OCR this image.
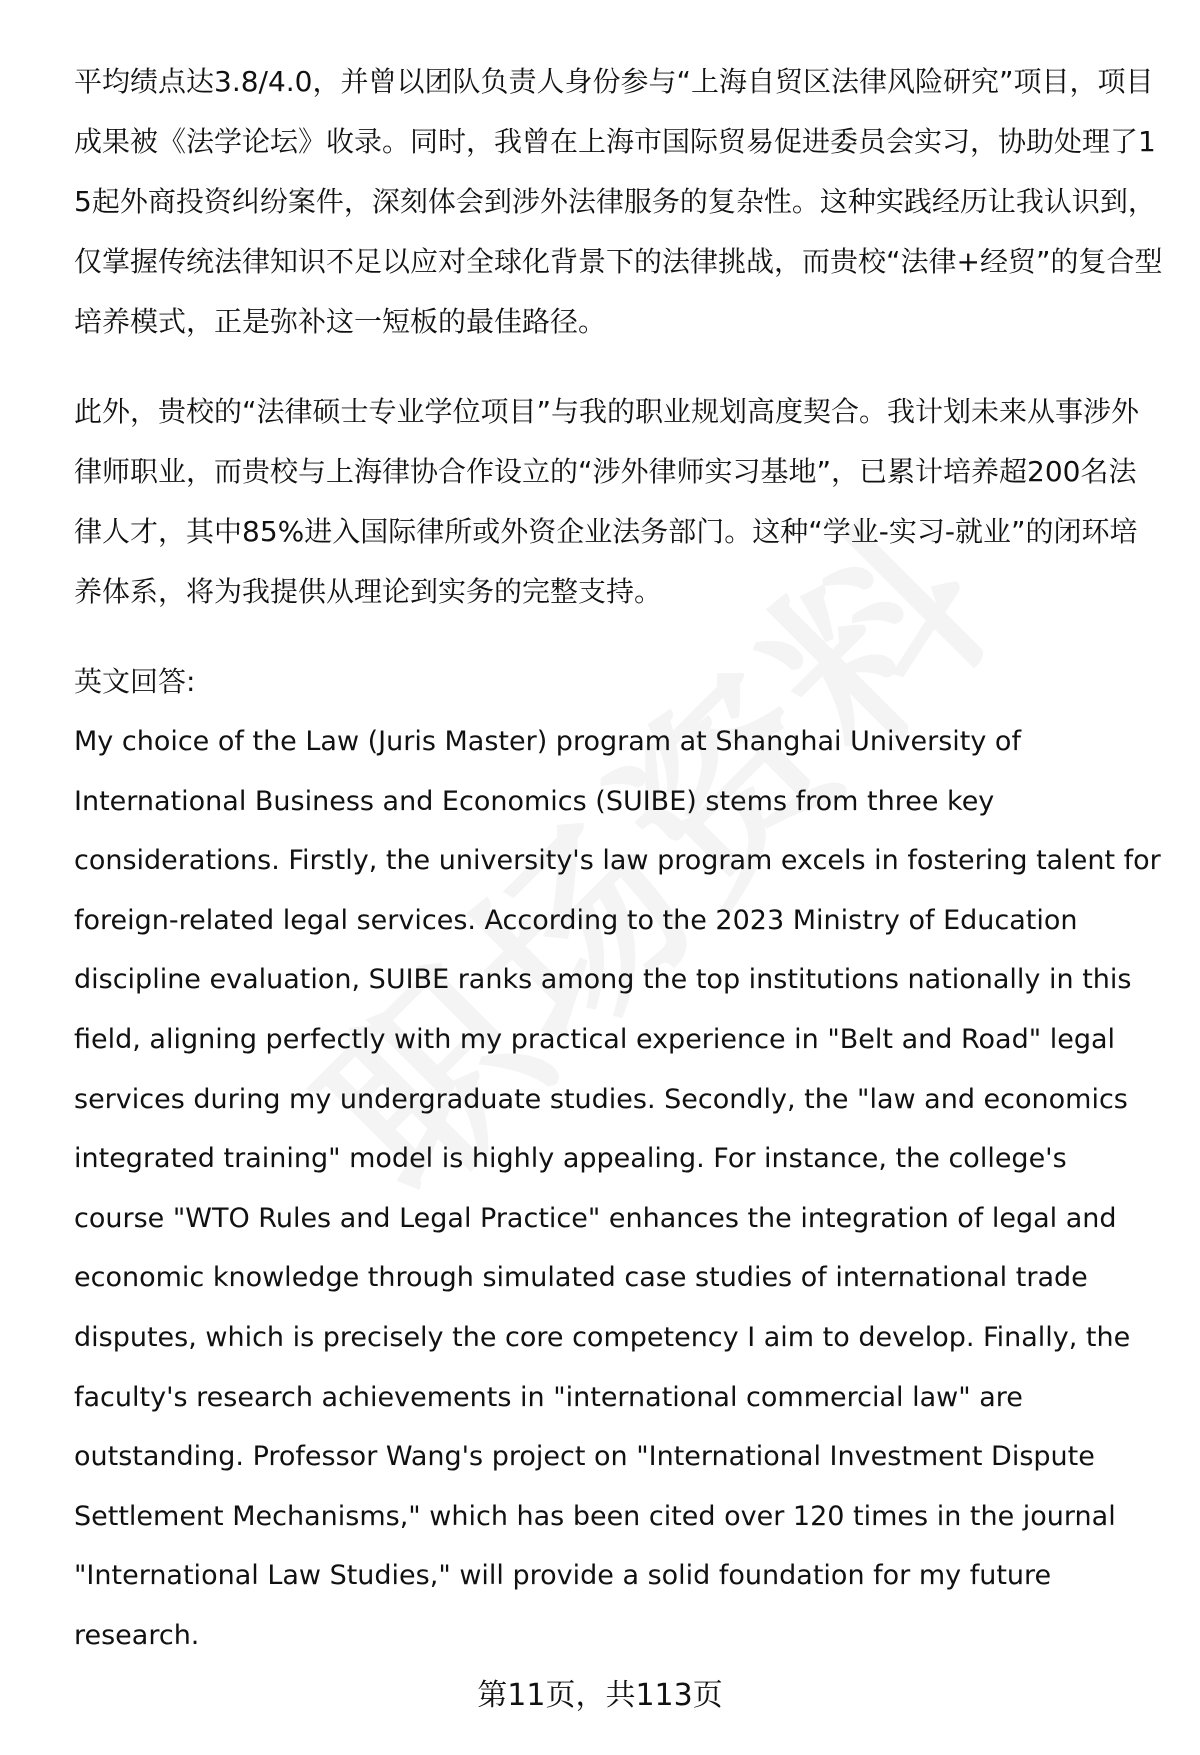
平均绩点达3.8/4.0，并曾以团队负责人身份参与“上海自贸区法律风险研究”项目，项目成果被《法学论坛》收录。同时，我曾在上海市国际贸易促进委员会实习，协助处理了15起外商投资纠纷案件，深刻体会到涉外法律服务的复杂性。这种实践经历让我认识到，仅掌握传统法律知识不足以应对全球化背景下的法律挑战，而贵校“法律+经贸”的复合型培养模式，正是弥补这一短板的最佳路径。

此外，贵校的“法律硕士专业学位项目”与我的职业规划高度契合。我计划未来从事涉外律师职业，而贵校与上海律协合作设立的“涉外律师实习基地”，已累计培养超200名法律人才，其中85%进入国际律所或外资企业法务部门。这种“学业-实习-就业”的闭环培养体系，将为我提供从理论到实务的完整支持。

英文回答:

My choice of the Law (Juris Master) program at Shanghai University of International Business and Economics (SUIBE) stems from three key considerations. Firstly, the university's law program excels in fostering talent for foreign-related legal services. According to the 2023 Ministry of Education discipline evaluation, SUIBE ranks among the top institutions nationally in this field, aligning perfectly with my practical experience in "Belt and Road" legal services during my undergraduate studies. Secondly, the "law and economics integrated training" model is highly appealing. For instance, the college's course "WTO Rules and Legal Practice" enhances the integration of legal and economic knowledge through simulated case studies of international trade disputes, which is precisely the core competency I aim to develop. Finally, the faculty's research achievements in "international commercial law" are outstanding. Professor Wang's project on "International Investment Dispute Settlement Mechanisms," which has been cited over 120 times in the journal "International Law Studies," will provide a solid foundation for my future research.

第11页，共113页
